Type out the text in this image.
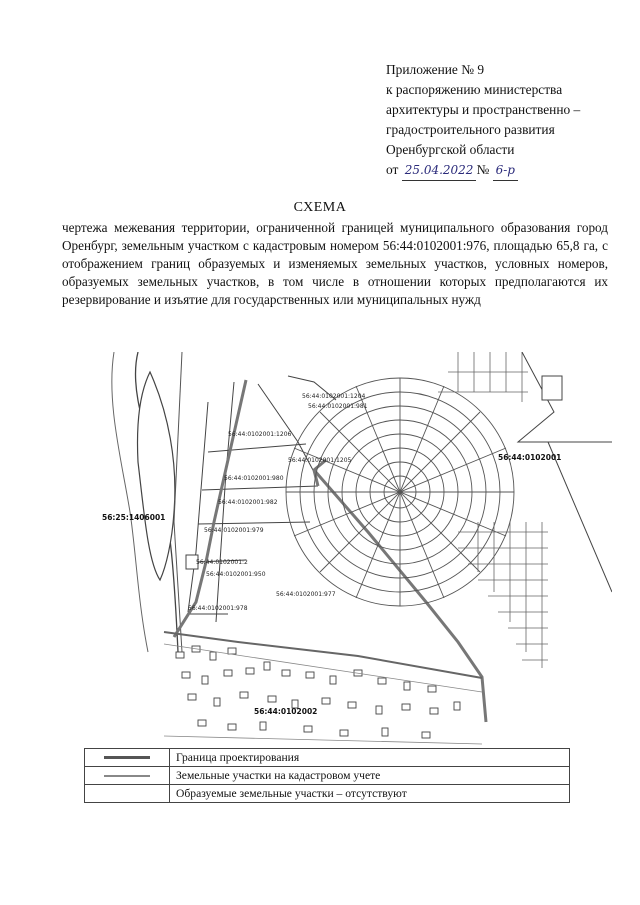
Приложение № 9
к распоряжению министерства
архитектуры и пространственно –
градостроительного развития
Оренбургской области
от 25.04.2022 № 6-р
СХЕМА
чертежа межевания территории, ограниченной границей муниципального образования город Оренбург, земельным участком с кадастровым номером 56:44:0102001:976, площадью 65,8 га, с отображением границ образуемых и изменяемых земельных участков, условных номеров, образуемых земельных участков, в том числе в отношении которых предполагаются их резервирование и изъятие для государственных или муниципальных нужд
56:44:0102001:1204
56:44:0102001:981
56:44:0102001:1206
56:44:0102001:1205
56:44:0102001:980
56:44:0102001:982
56:44:0102001:979
56:44:0102001:2
56:44:0102001:950
56:44:0102001:977
56:44:0102001:978
56:44:0102001
56:25:1406001
56:44:0102002
	Граница проектирования

	Земельные участки на кадастровом учете
	Образуемые земельные участки – отсутствуют
